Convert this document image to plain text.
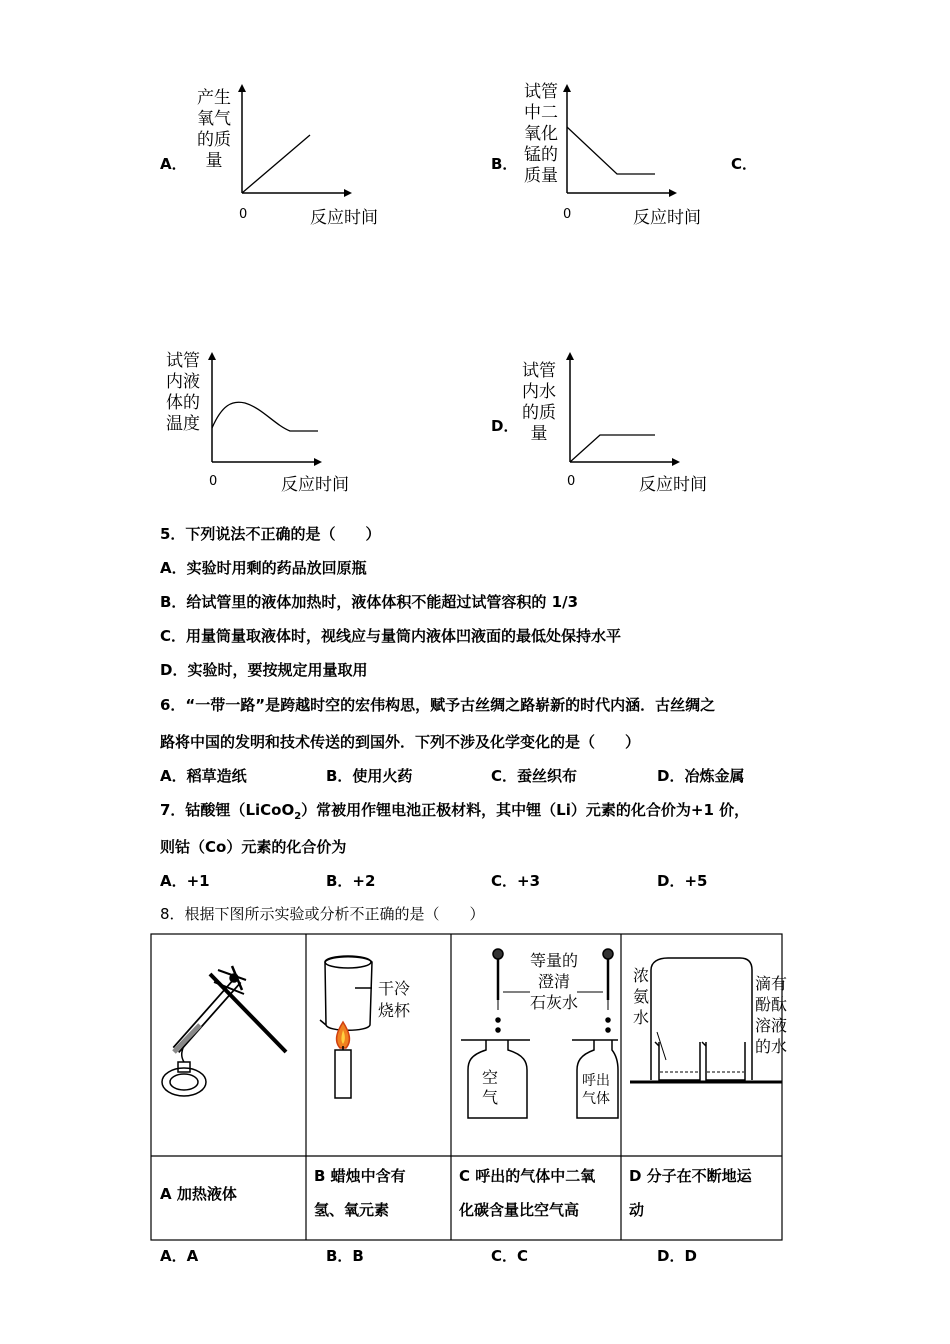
A．
产生
氧气
的质
量
0	反应时间
B．
试管
中二
氧化
锰的
质量
0	反应时间
C．
试管
内液
体的
温度
0	反应时间
D．
试管
内水
的质
量
0	反应时间
5．下列说法不正确的是（　　）
A．实验时用剩的药品放回原瓶
B．给试管里的液体加热时，液体体积不能超过试管容积的 1/3
C．用量筒量取液体时，视线应与量筒内液体凹液面的最低处保持水平
D．实验时，要按规定用量取用
6．“一带一路”是跨越时空的宏伟构思，赋予古丝绸之路崭新的时代内涵．古丝绸之
路将中国的发明和技术传送的到国外．下列不涉及化学变化的是（　　）
A．稻草造纸	B．使用火药	C．蚕丝织布	D．冶炼金属
7．钴酸锂（LiCoO$_2$）常被用作锂电池正极材料，其中锂（Li）元素的化合价为+1 价，
则钴（Co）元素的化合价为
A．+1	B．+2	C．+3	D．+5
8．根据下图所示实验或分析不正确的是（　　）
干冷
烧杯
等量的
澄清
石灰水
空
气
呼出
气体
浓
氨
水
滴有
酚酞
溶液
的水
A 加热液体
B 蜡烛中含有
氢、氧元素
C 呼出的气体中二氧
化碳含量比空气高
D 分子在不断地运
动
A．A	B．B	C．C	D．D
